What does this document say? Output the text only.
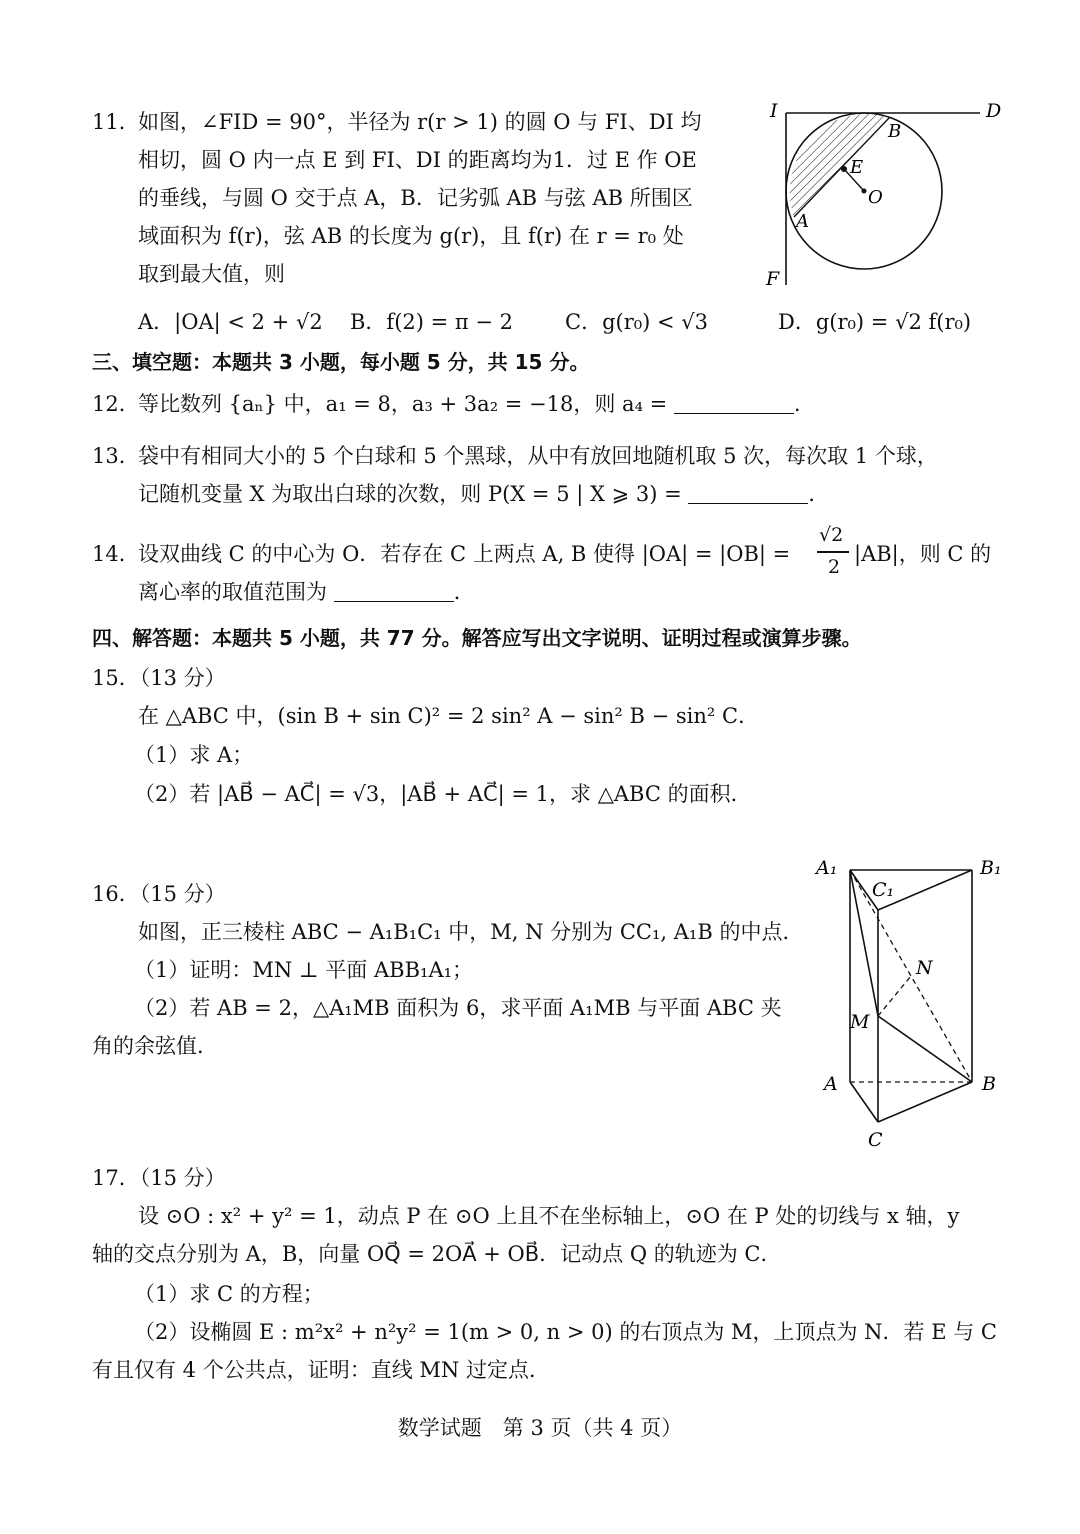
11．
如图，∠FID = 90°，半径为 r(r > 1) 的圆 O 与 FI、DI 均
相切，圆 O 内一点 E 到 FI、DI 的距离均为1．过 E 作 OE
的垂线，与圆 O 交于点 A，B．记劣弧 AB 与弦 AB 所围区
域面积为 f(r)，弦 AB 的长度为 g(r)，且 f(r) 在 r = r₀ 处
取到最大值，则
A．|OA| < 2 + √2 B．f(2) = π − 2 C．g(r₀) < √3	D．g(r₀) = √2 f(r₀)
I	D
F
B
E
O
A
三、填空题：本题共 3 小题，每小题 5 分，共 15 分。
12．
等比数列 {aₙ} 中，a₁ = 8，a₃ + 3a₂ = −18，则 a₄ =	．
13．
袋中有相同大小的 5 个白球和 5 个黑球，从中有放回地随机取 5 次，每次取 1 个球，
记随机变量 X 为取出白球的次数，则 P(X = 5 | X ⩾ 3) =	．
14．
设双曲线 C 的中心为 O．若存在 C 上两点 A, B 使得 |OA| = |OB| =
√2
2
|AB|，则 C 的
离心率的取值范围为	．
四、解答题：本题共 5 小题，共 77 分。解答应写出文字说明、证明过程或演算步骤。
15．（13 分）
在 △ABC 中，(sin B + sin C)² = 2 sin² A − sin² B − sin² C．
（1）求 A；
（2）若 |AB⃗ − AC⃗| = √3，|AB⃗ + AC⃗| = 1，求 △ABC 的面积．
16．（15 分）
如图，正三棱柱 ABC − A₁B₁C₁ 中，M, N 分别为 CC₁, A₁B 的中点．
（1）证明：MN ⊥ 平面 ABB₁A₁；
（2）若 AB = 2，△A₁MB 面积为 6，求平面 A₁MB 与平面 ABC 夹
角的余弦值．
A₁	B₁
C₁
N
M
A	B
C
17．（15 分）
设 ⊙O : x² + y² = 1，动点 P 在 ⊙O 上且不在坐标轴上，⊙O 在 P 处的切线与 x 轴，y
轴的交点分别为 A，B，向量 OQ⃗ = 2OA⃗ + OB⃗．记动点 Q 的轨迹为 C．
（1）求 C 的方程；
（2）设椭圆 E : m²x² + n²y² = 1(m > 0, n > 0) 的右顶点为 M，上顶点为 N．若 E 与 C
有且仅有 4 个公共点，证明：直线 MN 过定点．
数学试题　第 3 页（共 4 页）
